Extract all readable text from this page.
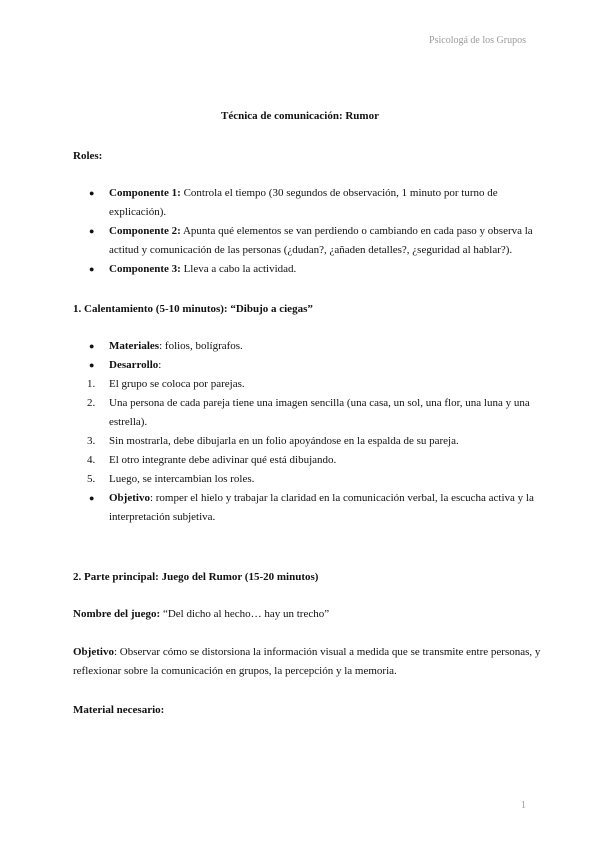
Psicologá de los Grupos
Técnica de comunicación: Rumor
Roles:
●	Componente 1: Controla el tiempo (30 segundos de observación, 1 minuto por turno de explicación).
●	Componente 2: Apunta qué elementos se van perdiendo o cambiando en cada paso y observa la actitud y comunicación de las personas (¿dudan?, ¿añaden detalles?, ¿seguridad al hablar?).
●	Componente 3: Lleva a cabo la actividad.
1. Calentamiento (5-10 minutos): “Dibujo a ciegas”
●	Materiales: folios, bolígrafos.
●	Desarrollo:
1.	El grupo se coloca por parejas.
2.	Una persona de cada pareja tiene una imagen sencilla (una casa, un sol, una flor, una luna y una estrella).
3.	Sin mostrarla, debe dibujarla en un folio apoyándose en la espalda de su pareja.
4.	El otro integrante debe adivinar qué está dibujando.
5.	Luego, se intercambian los roles.
●	Objetivo: romper el hielo y trabajar la claridad en la comunicación verbal, la escucha activa y la interpretación subjetiva.
2. Parte principal: Juego del Rumor (15-20 minutos)
Nombre del juego: “Del dicho al hecho… hay un trecho”
Objetivo: Observar cómo se distorsiona la información visual a medida que se transmite entre personas, y reflexionar sobre la comunicación en grupos, la percepción y la memoria.
Material necesario:
1
